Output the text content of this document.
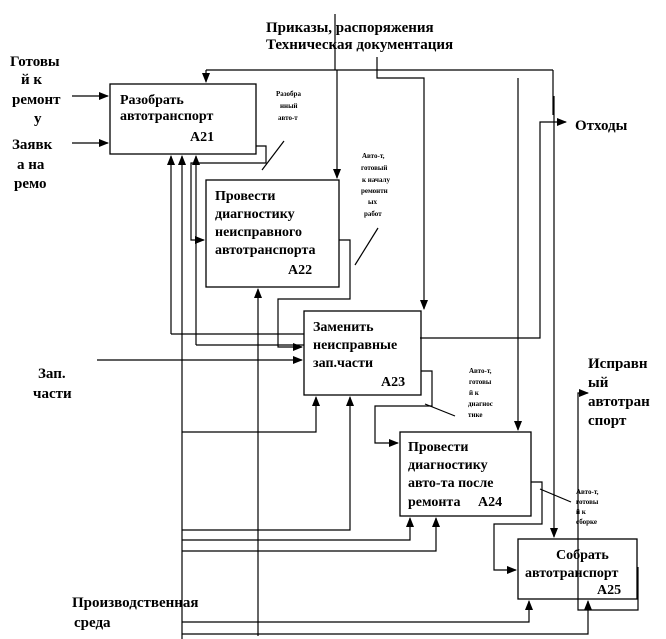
Разобрать
автотранспорт
А21
Провести
диагностику
неисправного
автотранспорта
А22
Заменить
неисправные
зап.части
А23
Провести
диагностику
авто-та после
ремонта А24
Собрать
автотранспорт
А25
Приказы, распоряжения
Техническая документация
Готовы
й к
ремонт
у
Заявк
а на
ремо
Зап.
части
Производственная
среда
Отходы
Исправн
ый
автотран
спорт
Разобра
нный
авто-т
Авто-т,
готовый
к началу
ремонтн
ых
работ
Авто-т,
готовы
й к
диагнос
тике
Авто-т,
готовы
й к
сборке
